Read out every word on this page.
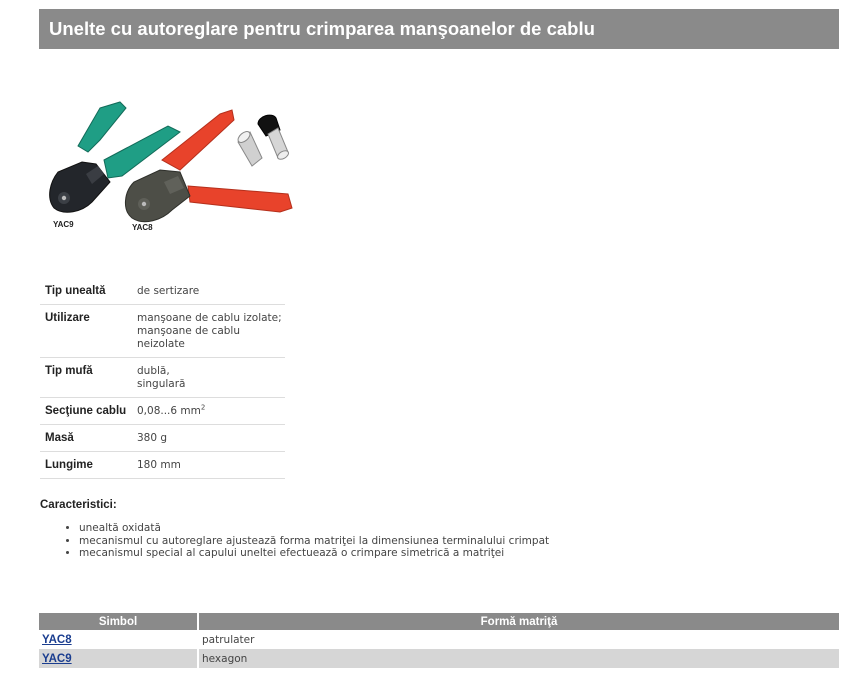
Unelte cu autoreglare pentru crimparea manşoanelor de cablu
YAC9	YAC8
Tip unealtă	de sertizare
Utilizare	manşoane de cablu izolate;
manşoane de cablu neizolate

Tip mufă	dublă,
singulară

Secţiune cablu	0,08...6 $mm^2$
Masă	380 g
Lungime	180 mm
Caracteristici:
• unealtă oxidată
• mecanismul cu autoreglare ajustează forma matriţei la dimensiunea terminalului crimpat
• mecanismul special al capului uneltei efectuează o crimpare simetrică a matriţei
Simbol	Formă matriţă
YAC8	patrulater
YAC9	hexagon
